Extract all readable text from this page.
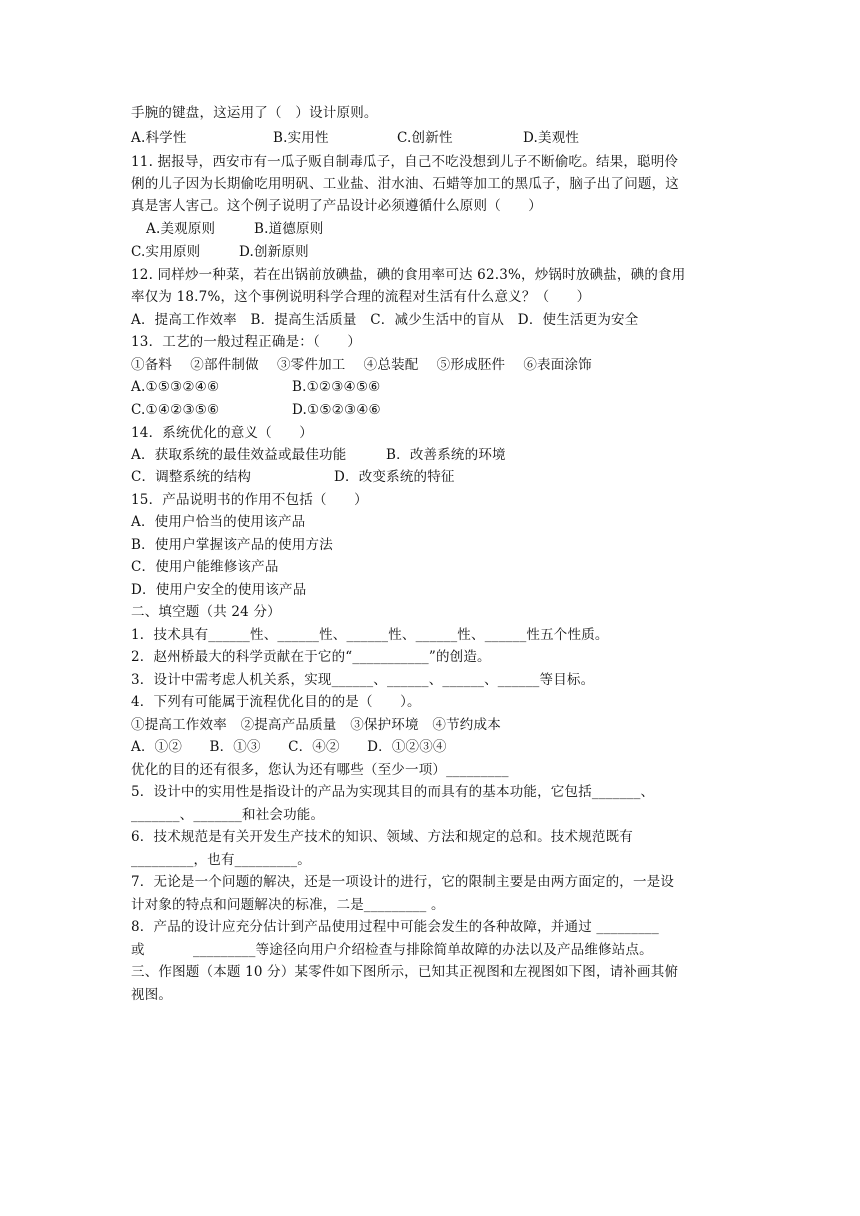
手腕的键盘，这运用了（　）设计原则。

A.科学性

	B.实用性

	C.创新性

	D.美观性

11. 据报导，西安市有一瓜子贩自制毒瓜子，自己不吃没想到儿子不断偷吃。结果，聪明伶
俐的儿子因为长期偷吃用明矾、工业盐、泔水油、石蜡等加工的黑瓜子，脑子出了问题，这
真是害人害己。这个例子说明了产品设计必须遵循什么原则（　　）

A.美观原则

	B.道德原则

C.实用原则

	D.创新原则

12. 同样炒一种菜，若在出锅前放碘盐，碘的食用率可达 62.3%，炒锅时放碘盐，碘的食用
率仅为 18.7%，这个事例说明科学合理的流程对生活有什么意义？（　　）
A．提高工作效率　B．提高生活质量　C．减少生活中的盲从　D．使生活更为安全
13．工艺的一般过程正确是：（　　）
①备料　 ②部件制做　 ③零件加工　 ④总装配　 ⑤形成胚件　 ⑥表面涂饰

A.①⑤③②④⑥

	B.①②③④⑤⑥

C.①④②③⑤⑥

	D.①⑤②③④⑥

14．系统优化的意义（　　）

A．获取系统的最佳效益或最佳功能

	B．改善系统的环境

C．调整系统的结构

	D．改变系统的特征

15．产品说明书的作用不包括（　　）
A．使用户恰当的使用该产品
B．使用户掌握该产品的使用方法
C．使用户能维修该产品
D．使用户安全的使用该产品
二、填空题（共 24 分）
1．技术具有______性、______性、______性、______性、______性五个性质。
2．赵州桥最大的科学贡献在于它的“___________”的创造。
3．设计中需考虑人机关系，实现______、______、______、______等目标。
4．下列有可能属于流程优化目的的是（　　）。
①提高工作效率　②提高产品质量　③保护环境　④节约成本
A．①②　　B．①③　　C．④②　　D．①②③④
优化的目的还有很多，您认为还有哪些（至少一项）_________
5．设计中的实用性是指设计的产品为实现其目的而具有的基本功能，它包括_______、
_______、_______和社会功能。
6．技术规范是有关开发生产技术的知识、领域、方法和规定的总和。技术规范既有
_________，也有_________。
7．无论是一个问题的解决，还是一项设计的进行，它的限制主要是由两方面定的，一是设
计对象的特点和问题解决的标准，二是_________ 。
8．产品的设计应充分估计到产品使用过程中可能会发生的各种故障，并通过 _________

或

	_________等途径向用户介绍检查与排除简单故障的办法以及产品维修站点。

三、作图题（本题 10 分）某零件如下图所示，已知其正视图和左视图如下图，请补画其俯
视图。
